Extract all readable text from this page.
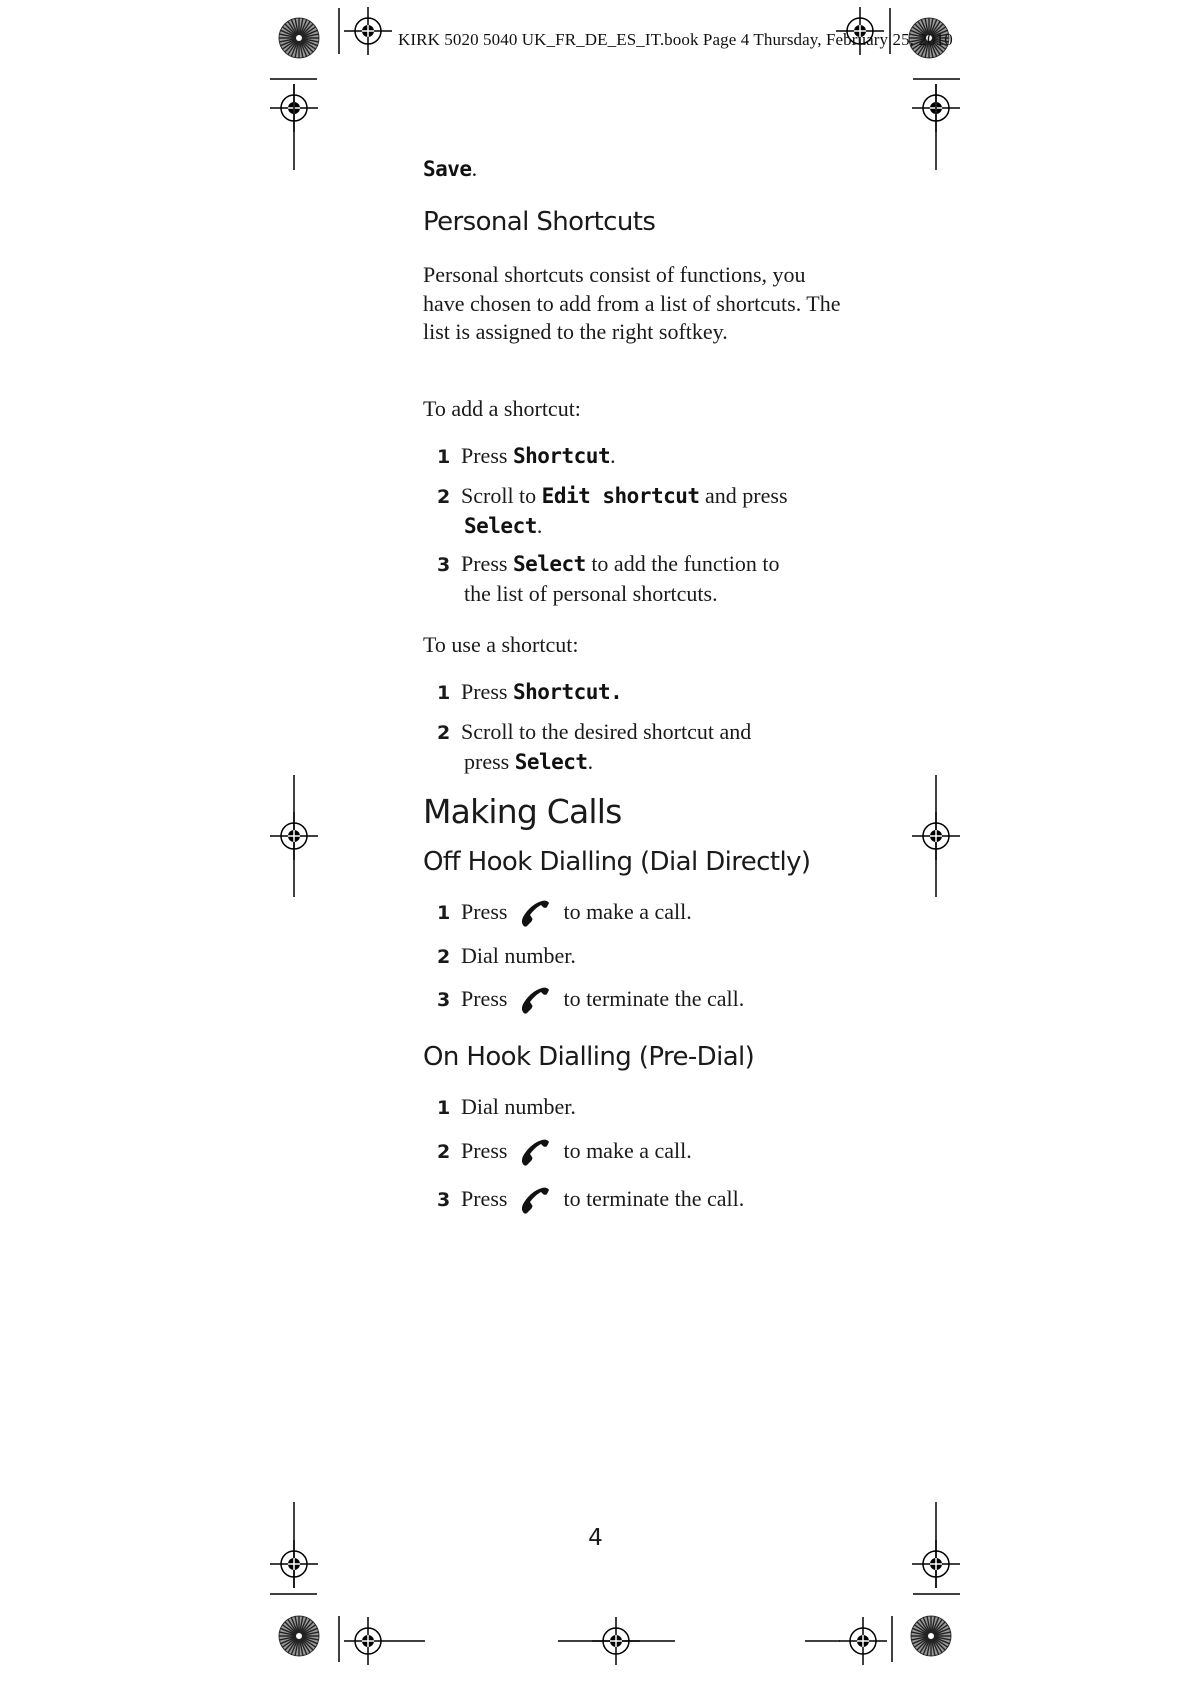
KIRK 5020 5040 UK_FR_DE_ES_IT.book Page 4 Thursday, February 25, 2010
Save.
Personal Shortcuts

Personal shortcuts consist of functions, you have chosen to add from a list of shortcuts. The list is assigned to the right softkey.

To add a shortcut:

1 Press Shortcut.
2 Scroll to Edit shortcut and press
Select.
3 Press Select to add the function to
the list of personal shortcuts.

To use a shortcut:

1 Press Shortcut.
2 Scroll to the desired shortcut and
press Select.
Making Calls
Off Hook Dialling (Dial Directly)
1 Press	to make a call.
2 Dial number.
3 Press	to terminate the call.
On Hook Dialling (Pre-Dial)
1 Dial number.
2 Press	to make a call.
3 Press	to terminate the call.
4
